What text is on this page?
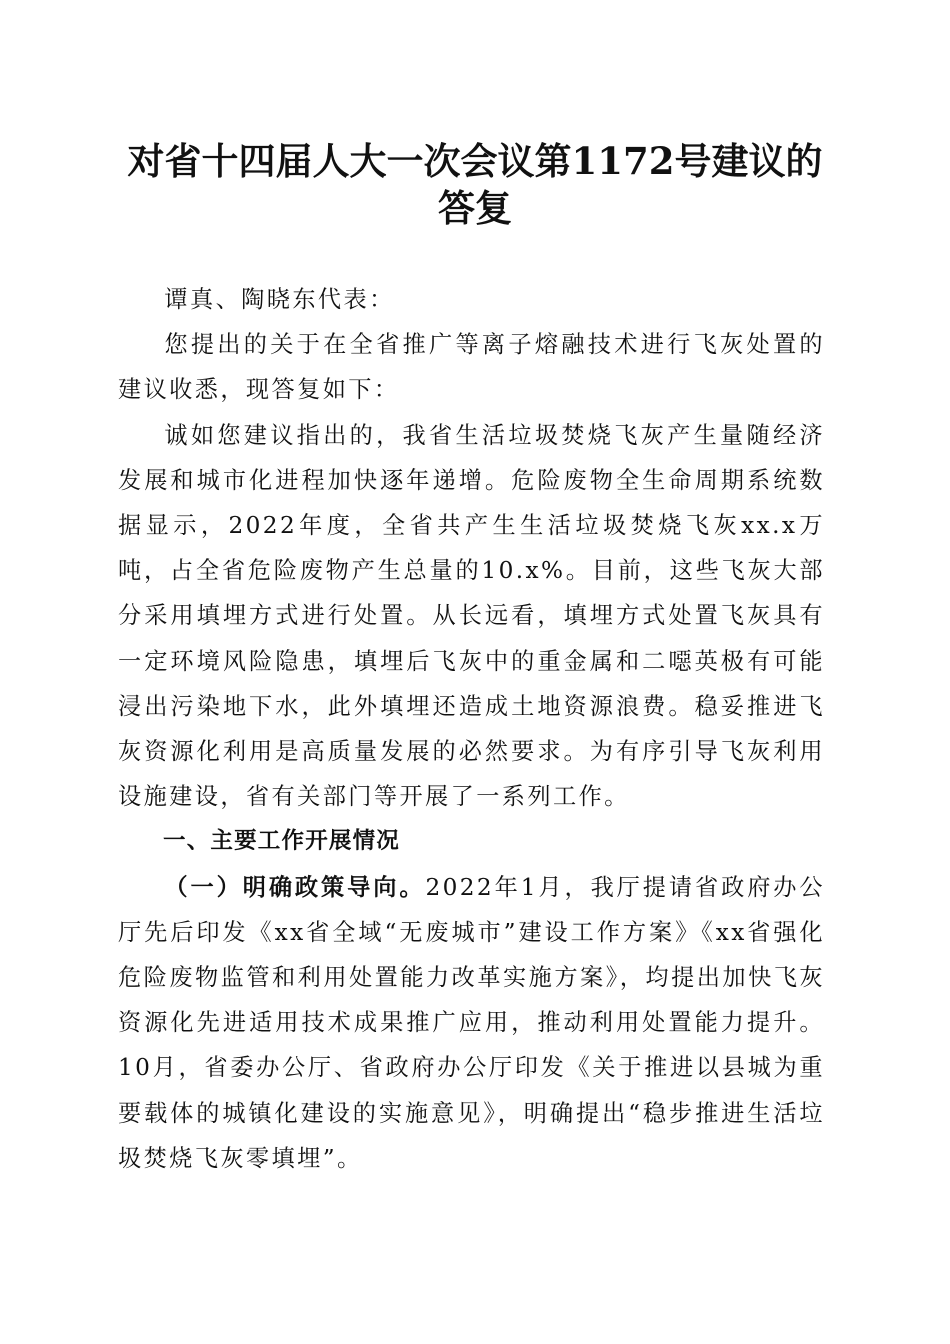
对省十四届人大一次会议第1172号建议的答复

谭真、陶晓东代表：

您提出的关于在全省推广等离子熔融技术进行飞灰处置的建议收悉，现答复如下：

诚如您建议指出的，我省生活垃圾焚烧飞灰产生量随经济发展和城市化进程加快逐年递增。危险废物全生命周期系统数据显示，2022年度，全省共产生生活垃圾焚烧飞灰xx.x万吨，占全省危险废物产生总量的10.x%。目前，这些飞灰大部分采用填埋方式进行处置。从长远看，填埋方式处置飞灰具有一定环境风险隐患，填埋后飞灰中的重金属和二噁英极有可能浸出污染地下水，此外填埋还造成土地资源浪费。稳妥推进飞灰资源化利用是高质量发展的必然要求。为有序引导飞灰利用设施建设，省有关部门等开展了一系列工作。

一、主要工作开展情况

（一）明确政策导向。2022年1月，我厅提请省政府办公厅先后印发《xx省全域“无废城市”建设工作方案》《xx省强化危险废物监管和利用处置能力改革实施方案》，均提出加快飞灰资源化先进适用技术成果推广应用，推动利用处置能力提升。10月，省委办公厅、省政府办公厅印发《关于推进以县城为重要载体的城镇化建设的实施意见》，明确提出“稳步推进生活垃圾焚烧飞灰零填埋”。
